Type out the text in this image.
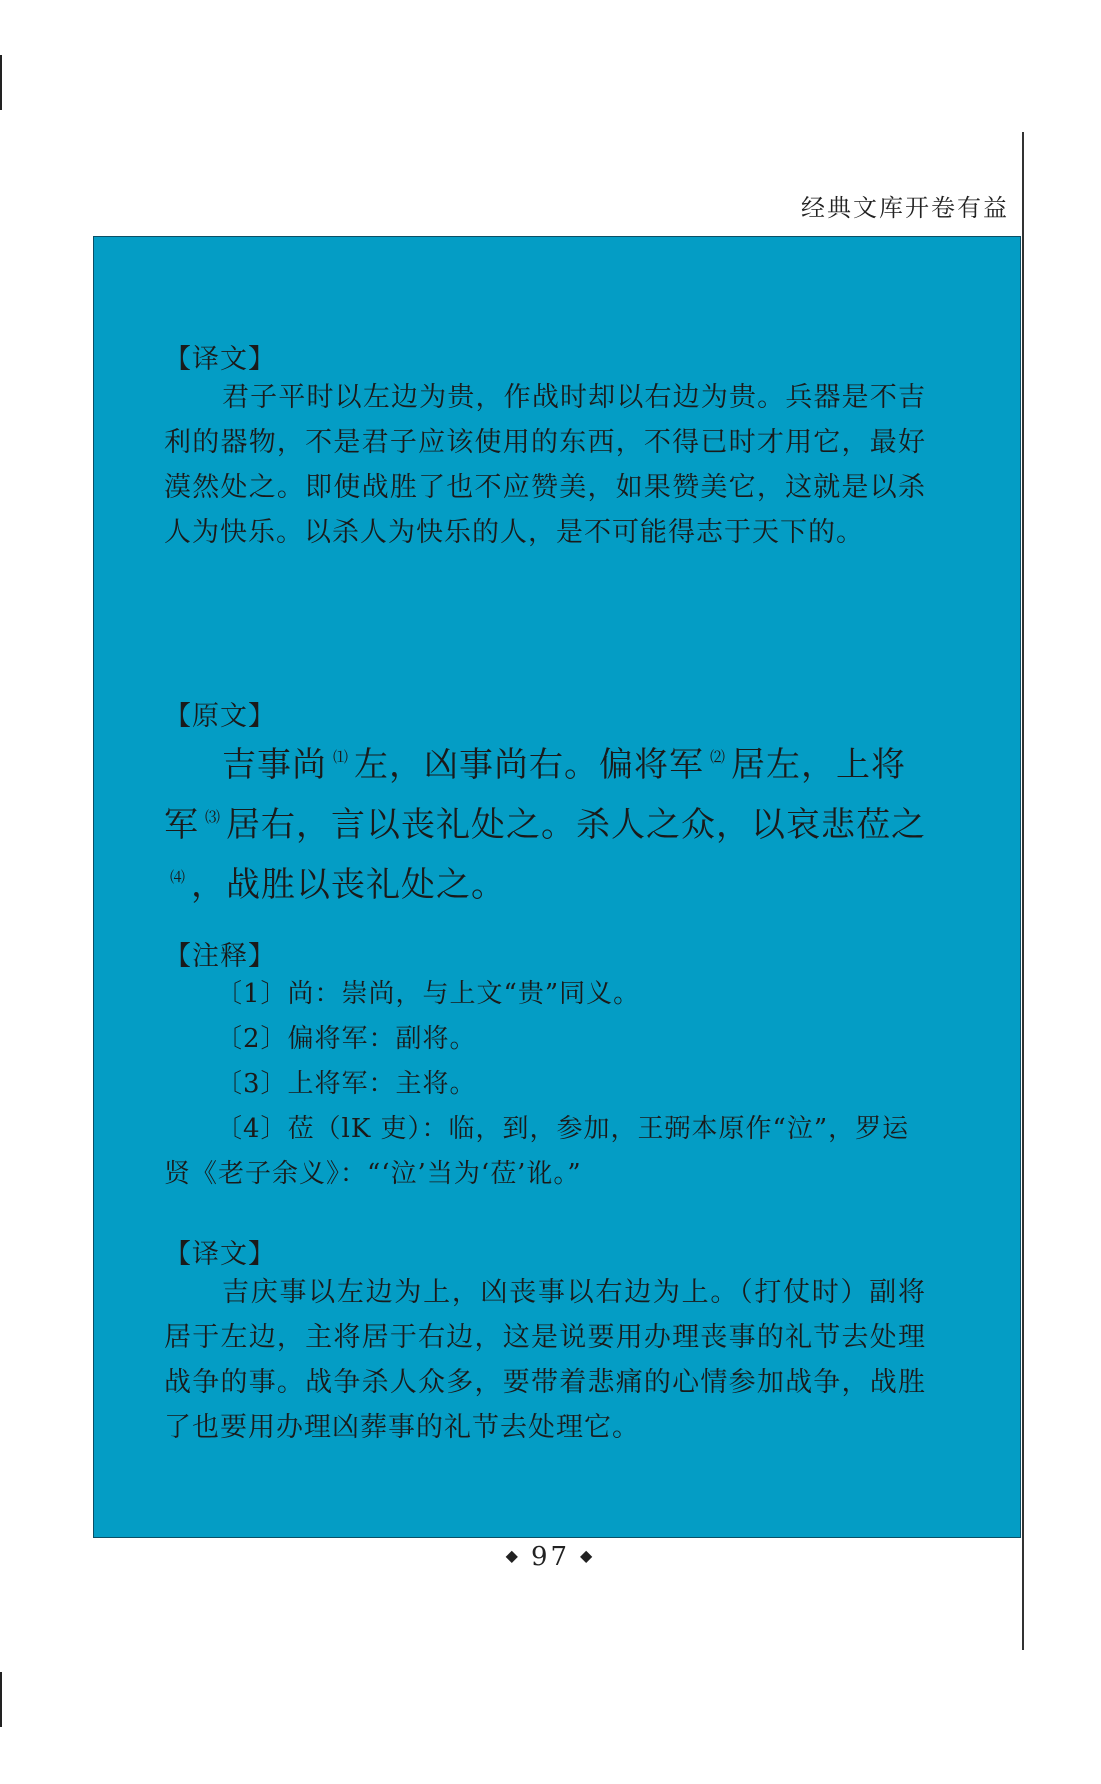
经典文库开卷有益
【译文】

君子平时以左边为贵，作战时却以右边为贵。兵器是不吉利的器物，不是君子应该使用的东西，不得已时才用它，最好漠然处之。即使战胜了也不应赞美，如果赞美它，这就是以杀人为快乐。以杀人为快乐的人，是不可能得志于天下的。

【原文】

吉事尚 ⑴ 左，凶事尚右。偏将军 ⑵ 居左，上将军 ⑶ 居右，言以丧礼处之。杀人之众，以哀悲莅之⑷ ，战胜以丧礼处之。

【注释】

〔1〕尚：崇尚，与上文“贵”同义。

〔2〕偏将军：副将。

〔3〕上将军：主将。

〔4〕莅（lK 吏）：临，到，参加，王弼本原作“泣”，罗运贤《老子余义》：“‘泣’当为‘莅’讹。”

【译文】

吉庆事以左边为上，凶丧事以右边为上。（打仗时）副将居于左边，主将居于右边，这是说要用办理丧事的礼节去处理战争的事。战争杀人众多，要带着悲痛的心情参加战争，战胜了也要用办理凶葬事的礼节去处理它。

◆ 97 ◆
